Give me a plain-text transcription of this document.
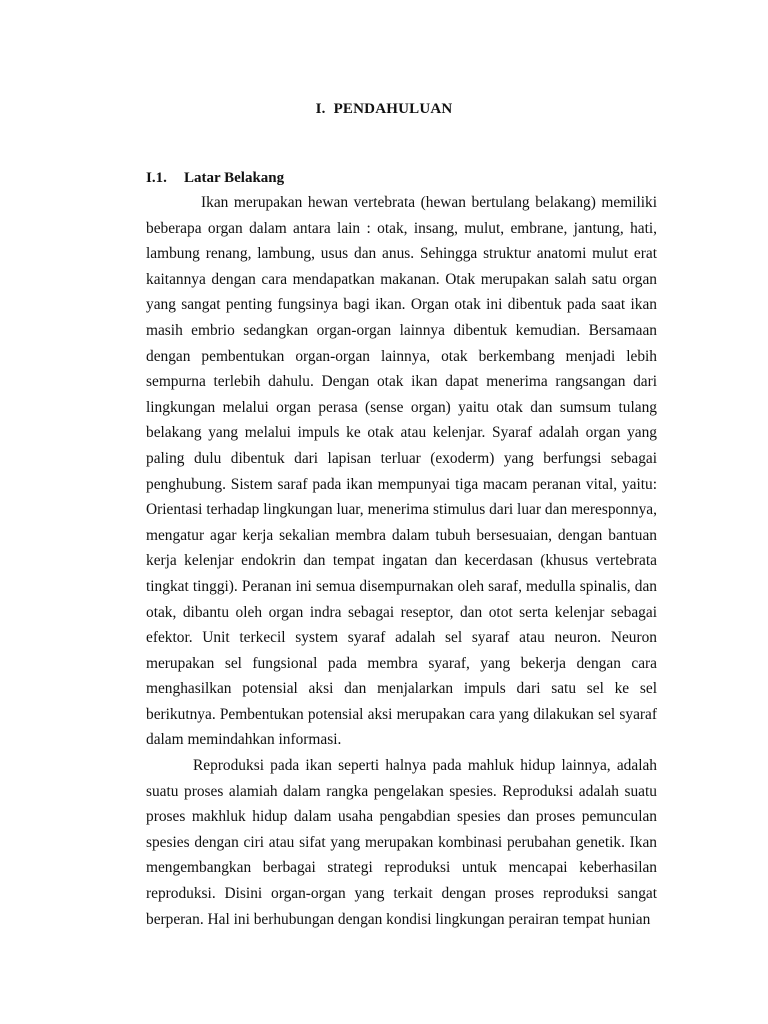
I. PENDAHULUAN
I.1. Latar Belakang

Ikan merupakan hewan vertebrata (hewan bertulang belakang) memiliki beberapa organ dalam antara lain : otak, insang, mulut, embrane, jantung, hati, lambung renang, lambung, usus dan anus. Sehingga struktur anatomi mulut erat kaitannya dengan cara mendapatkan makanan. Otak merupakan salah satu organ yang sangat penting fungsinya bagi ikan. Organ otak ini dibentuk pada saat ikan masih embrio sedangkan organ-organ lainnya dibentuk kemudian. Bersamaan dengan pembentukan organ-organ lainnya, otak berkembang menjadi lebih sempurna terlebih dahulu. Dengan otak ikan dapat menerima rangsangan dari lingkungan melalui organ perasa (sense organ) yaitu otak dan sumsum tulang belakang yang melalui impuls ke otak atau kelenjar. Syaraf adalah organ yang paling dulu dibentuk dari lapisan terluar (exoderm) yang berfungsi sebagai penghubung. Sistem saraf pada ikan mempunyai tiga macam peranan vital, yaitu: Orientasi terhadap lingkungan luar, menerima stimulus dari luar dan meresponnya, mengatur agar kerja sekalian membra dalam tubuh bersesuaian, dengan bantuan kerja kelenjar endokrin dan tempat ingatan dan kecerdasan (khusus vertebrata tingkat tinggi). Peranan ini semua disempurnakan oleh saraf, medulla spinalis, dan otak, dibantu oleh organ indra sebagai reseptor, dan otot serta kelenjar sebagai efektor. Unit terkecil system syaraf adalah sel syaraf atau neuron. Neuron merupakan sel fungsional pada membra syaraf, yang bekerja dengan cara menghasilkan potensial aksi dan menjalarkan impuls dari satu sel ke sel berikutnya. Pembentukan potensial aksi merupakan cara yang dilakukan sel syaraf dalam memindahkan informasi.

Reproduksi pada ikan seperti halnya pada mahluk hidup lainnya, adalah suatu proses alamiah dalam rangka pengelakan spesies. Reproduksi adalah suatu proses makhluk hidup dalam usaha pengabdian spesies dan proses pemunculan spesies dengan ciri atau sifat yang merupakan kombinasi perubahan genetik. Ikan mengembangkan berbagai strategi reproduksi untuk mencapai keberhasilan reproduksi. Disini organ-organ yang terkait dengan proses reproduksi sangat berperan. Hal ini berhubungan dengan kondisi lingkungan perairan tempat hunian
